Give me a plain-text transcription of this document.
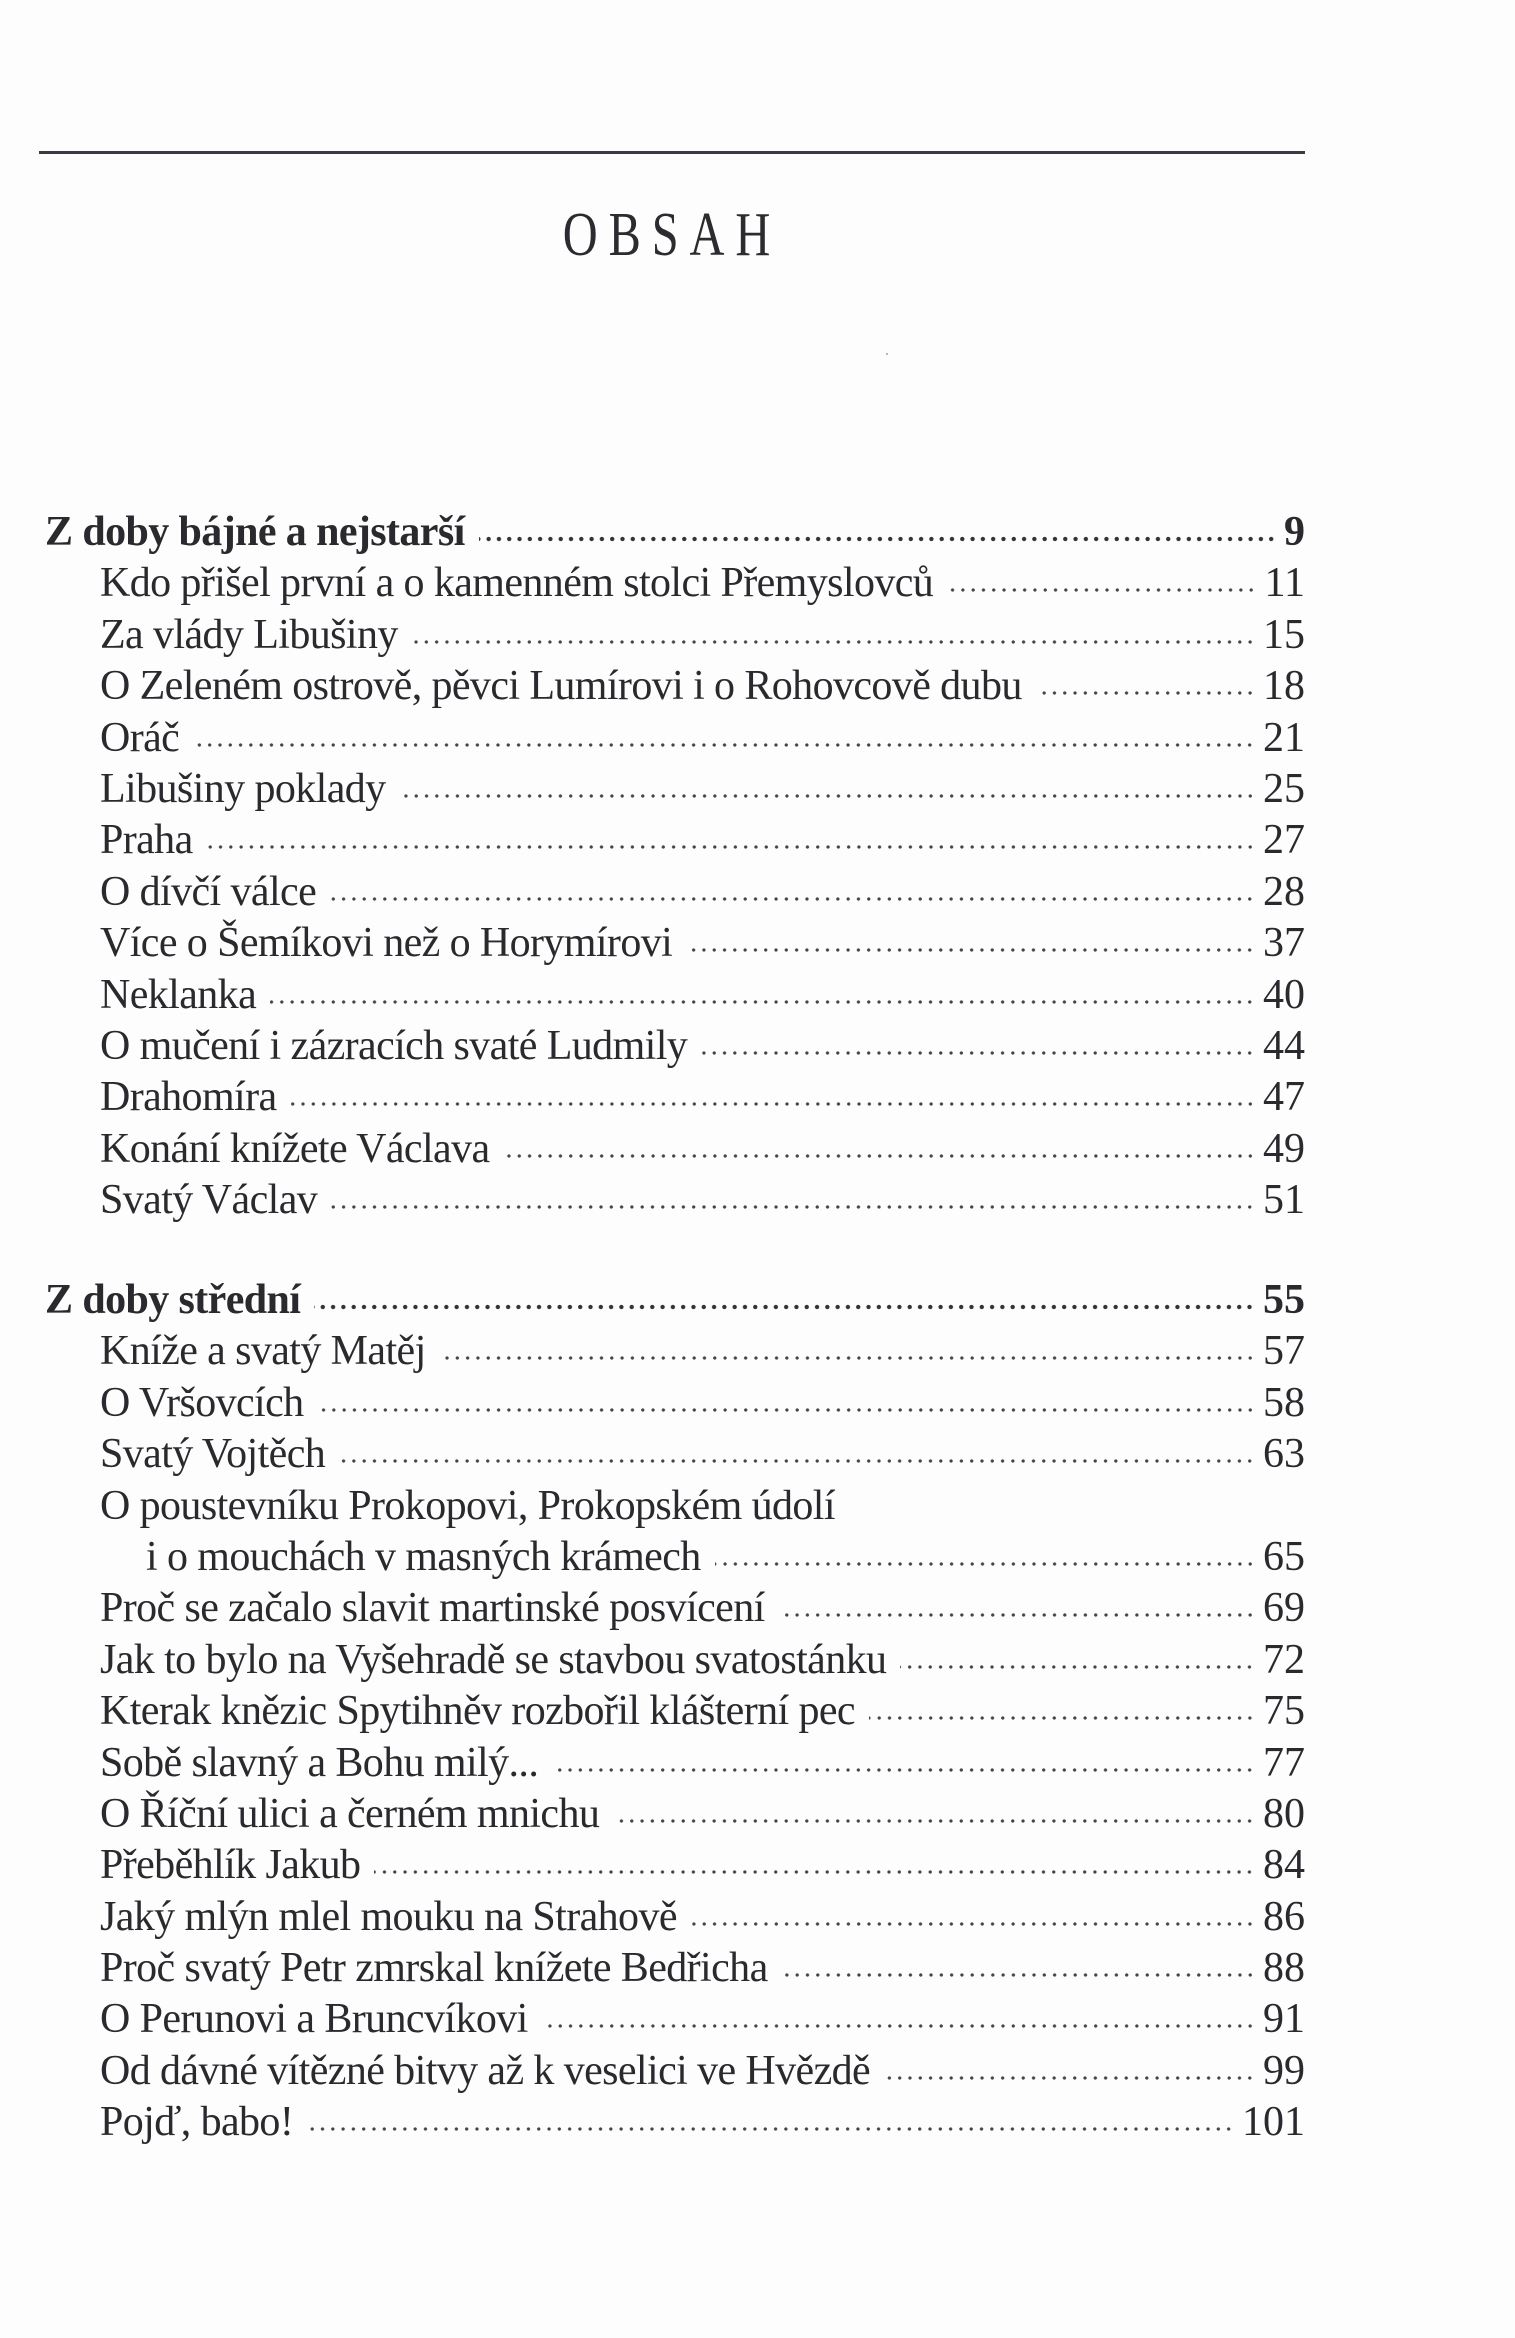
OBSAH
Z doby bájné a nejstarší	9
Kdo přišel první a o kamenném stolci Přemyslovců	11
Za vlády Libušiny	15
O Zeleném ostrově, pěvci Lumírovi i o Rohovcově dubu	18
Oráč	21
Libušiny poklady	25
Praha	27
O dívčí válce	28
Více o Šemíkovi než o Horymírovi	37
Neklanka	40
O mučení i zázracích svaté Ludmily	44
Drahomíra	47
Konání knížete Václava	49
Svatý Václav	51
Z doby střední	55
Kníže a svatý Matěj	57
O Vršovcích	58
Svatý Vojtěch	63
O poustevníku Prokopovi, Prokopském údolí
i o mouchách v masných krámech	65
Proč se začalo slavit martinské posvícení	69
Jak to bylo na Vyšehradě se stavbou svatostánku	72
Kterak knězic Spytihněv rozbořil klášterní pec	75
Sobě slavný a Bohu milý...	77
O Říční ulici a černém mnichu	80
Přeběhlík Jakub	84
Jaký mlýn mlel mouku na Strahově	86
Proč svatý Petr zmrskal knížete Bedřicha	88
O Perunovi a Bruncvíkovi	91
Od dávné vítězné bitvy až k veselici ve Hvězdě	99
Pojď, babo!	101
